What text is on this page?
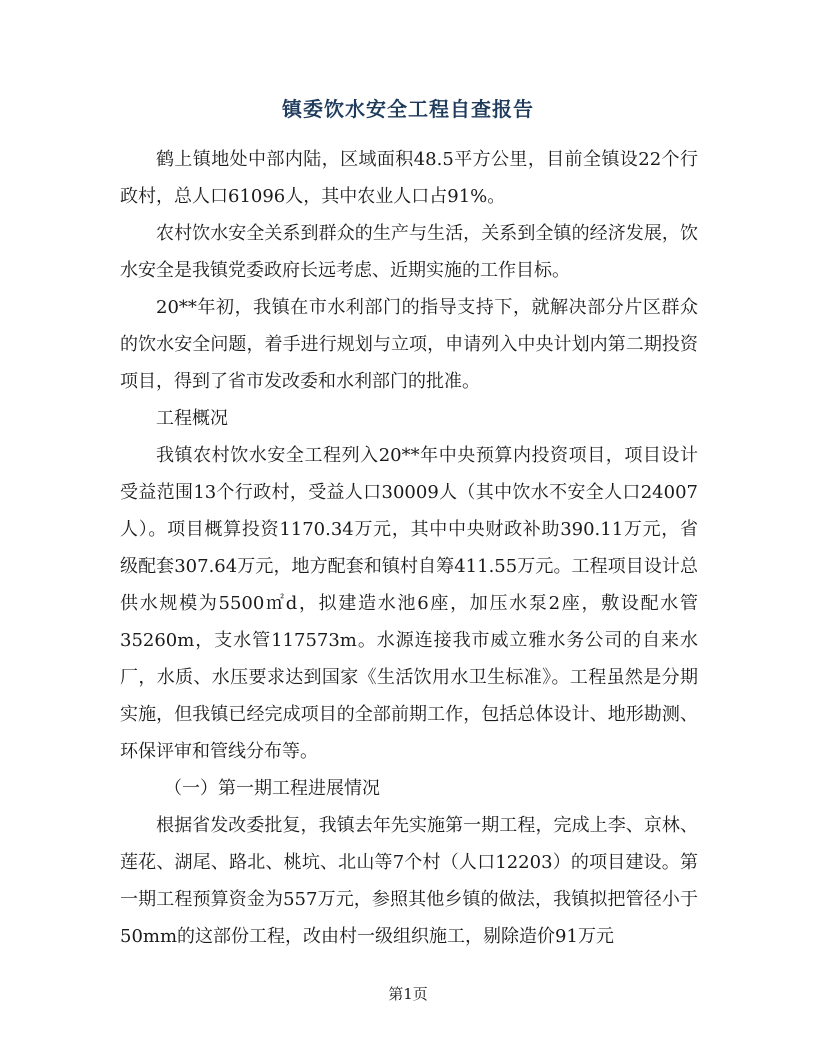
镇委饮水安全工程自查报告

鹤上镇地处中部内陆，区域面积48.5平方公里，目前全镇设22个行政村，总人口61096人，其中农业人口占91%。

农村饮水安全关系到群众的生产与生活，关系到全镇的经济发展，饮水安全是我镇党委政府长远考虑、近期实施的工作目标。

20**年初，我镇在市水利部门的指导支持下，就解决部分片区群众的饮水安全问题，着手进行规划与立项，申请列入中央计划内第二期投资项目，得到了省市发改委和水利部门的批准。

工程概况

我镇农村饮水安全工程列入20**年中央预算内投资项目，项目设计受益范围13个行政村，受益人口30009人（其中饮水不安全人口24007人）。项目概算投资1170.34万元，其中中央财政补助390.11万元，省级配套307.64万元，地方配套和镇村自筹411.55万元。工程项目设计总供水规模为5500㎡d，拟建造水池6座，加压水泵2座，敷设配水管35260m，支水管117573m。水源连接我市威立雅水务公司的自来水厂，水质、水压要求达到国家《生活饮用水卫生标准》。工程虽然是分期实施，但我镇已经完成项目的全部前期工作，包括总体设计、地形勘测、环保评审和管线分布等。

（一）第一期工程进展情况

根据省发改委批复，我镇去年先实施第一期工程，完成上李、京林、莲花、湖尾、路北、桃坑、北山等7个村（人口12203）的项目建设。第一期工程预算资金为557万元，参照其他乡镇的做法，我镇拟把管径小于50mm的这部份工程，改由村一级组织施工，剔除造价91万元

第1页
